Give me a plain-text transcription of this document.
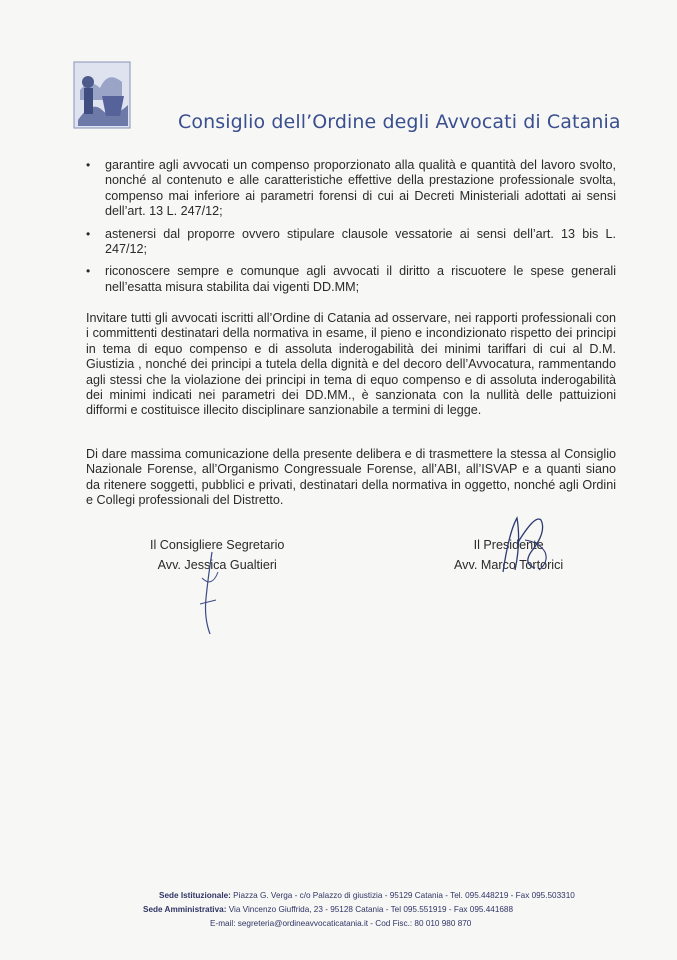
Consiglio dell’Ordine degli Avvocati di Catania
• garantire agli avvocati un compenso proporzionato alla qualità e quantità del lavoro svolto, nonché al contenuto e alle caratteristiche effettive della prestazione professionale svolta, compenso mai inferiore ai parametri forensi di cui ai Decreti Ministeriali adottati ai sensi dell’art. 13 L. 247/12;
• astenersi dal proporre ovvero stipulare clausole vessatorie ai sensi dell’art. 13 bis L. 247/12;
• riconoscere sempre e comunque agli avvocati il diritto a riscuotere le spese generali nell’esatta misura stabilita dai vigenti DD.MM;

Invitare tutti gli avvocati iscritti all’Ordine di Catania ad osservare, nei rapporti professionali con i committenti destinatari della normativa in esame, il pieno e incondizionato rispetto dei principi in tema di equo compenso e di assoluta inderogabilità dei minimi tariffari di cui al D.M. Giustizia , nonché dei principi a tutela della dignità e del decoro dell’Avvocatura, rammentando agli stessi che la violazione dei principi in tema di equo compenso e di assoluta inderogabilità dei minimi indicati nei parametri dei DD.MM., è sanzionata con la nullità delle pattuizioni difformi e costituisce illecito disciplinare sanzionabile a termini di legge.

Di dare massima comunicazione della presente delibera e di trasmettere la stessa al Consiglio Nazionale Forense, all’Organismo Congressuale Forense, all’ABI, all’ISVAP e a quanti siano da ritenere soggetti, pubblici e privati, destinatari della normativa in oggetto, nonché agli Ordini e Collegi professionali del Distretto.

Il Consigliere Segretario
Avv. Jessica Gualtieri
Il Presidente
Avv. Marco Tortorici
Sede Istituzionale: Piazza G. Verga - c/o Palazzo di giustizia - 95129 Catania - Tel. 095.448219 - Fax 095.503310
Sede Amministrativa: Via Vincenzo Giuffrida, 23 - 95128 Catania - Tel 095.551919 - Fax 095.441688
E-mail: segreteria@ordineavvocaticatania.it - Cod Fisc.: 80 010 980 870
